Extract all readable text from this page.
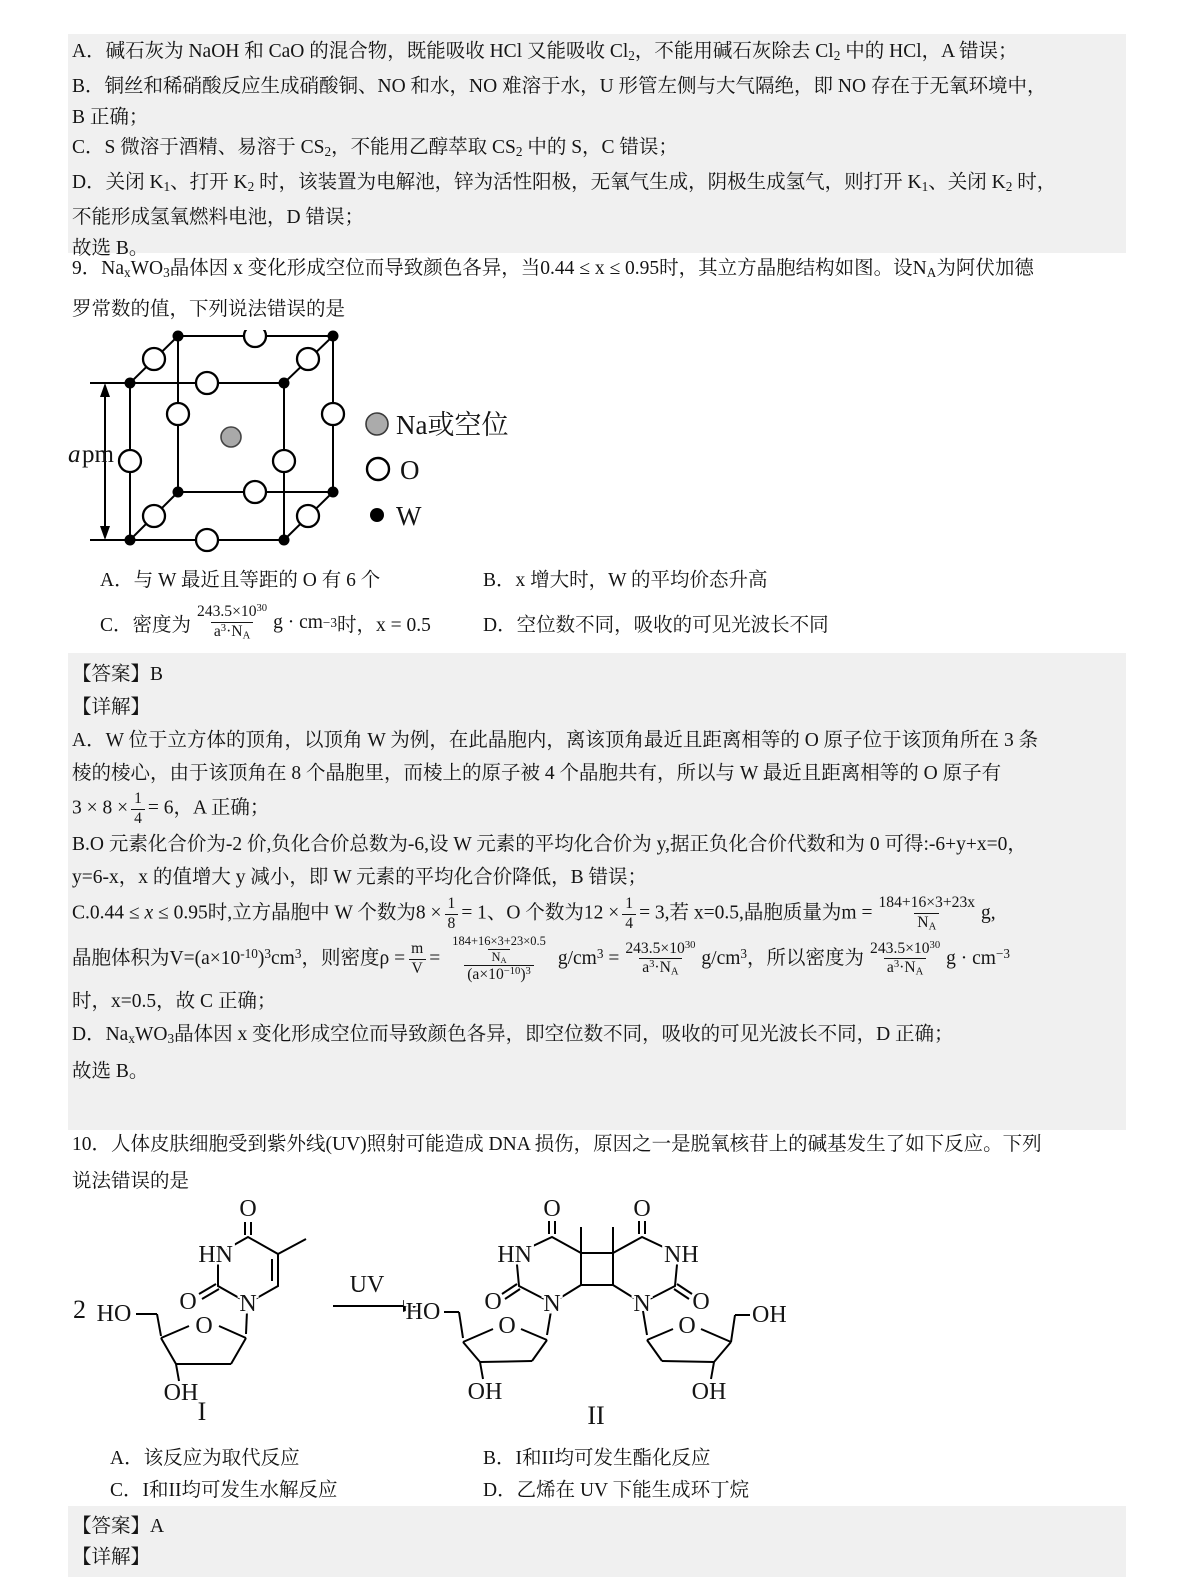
A．碱石灰为 NaOH 和 CaO 的混合物，既能吸收 HCl 又能吸收 $Cl_2$，不能用碱石灰除去 $Cl_2$ 中的 HCl，A 错误；
B．铜丝和稀硝酸反应生成硝酸铜、NO 和水，NO 难溶于水，U 形管左侧与大气隔绝，即 NO 存在于无氧环境中，
B 正确；
C．S 微溶于酒精、易溶于 $CS_2$，不能用乙醇萃取 $CS_2$ 中的 S，C 错误；
D．关闭 $K_1$、打开 $K_2$ 时，该装置为电解池，锌为活性阳极，无氧气生成，阴极生成氢气，则打开 $K_1$、关闭 $K_2$ 时，
不能形成氢氧燃料电池，D 错误；
故选 B。
9．$Na_xWO_3$晶体因 x 变化形成空位而导致颜色各异，当0.44 ≤ x ≤ 0.95时，其立方晶胞结构如图。设$N_A$为阿伏加德
罗常数的值，下列说法错误的是
a pm
Na或空位
O
W
A．与 W 最近且等距的 O 有 6 个	B．x 增大时，W 的平均价态升高
C．密度为 $\frac{243.5\times 10^{30}}{a^3\cdot N_A}$ g · cm −3 时，x = 0.5	D．空位数不同，吸收的可见光波长不同
【答案】B
【详解】
A．W 位于立方体的顶角，以顶角 W 为例，在此晶胞内，离该顶角最近且距离相等的 O 原子位于该顶角所在 3 条
棱的棱心，由于该顶角在 8 个晶胞里，而棱上的原子被 4 个晶胞共有，所以与 W 最近且距离相等的 O 原子有
$3 \times 8 \times \frac{1}{4} = 6$，A 正确；
B.O 元素化合价为-2 价,负化合价总数为-6,设 W 元素的平均化合价为 y,据正负化合价代数和为 0 可得:-6+y+x=0，
y=6-x，x 的值增大 y 减小，即 W 元素的平均化合价降低，B 错误；
C.0.44 ≤ x ≤ 0.95时,立方晶胞中 W 个数为$8 \times \frac{1}{8} = 1$、O 个数为$12 \times \frac{1}{4} = 3$,若 x=0.5,晶胞质量为$m = \frac{184+16\times 3+23x}{N_A} g$,
晶胞体积为$V=(a\times 10^{-10})^3cm^3$，则密度$\rho = \frac{m}{V} = \frac{\frac{184+16\times 3+23\times 0.5}{N_A}}{(a\times 10^{-10})^3} g/cm^3 = \frac{243.5\times 10^{30}}{a^3\cdot N_A} g/cm^3$，所以密度为 $\frac{243.5\times 10^{30}}{a^3\cdot N_A}$ $g \cdot cm^{-3}$
时，x=0.5，故 C 正确；
D．$Na_xWO_3$晶体因 x 变化形成空位而导致颜色各异，即空位数不同，吸收的可见光波长不同，D 正确；
故选 B。
10．人体皮肤细胞受到紫外线(UV)照射可能造成 DNA 损伤，原因之一是脱氧核苷上的碱基发生了如下反应。下列
说法错误的是
2 HO
O
O
HN
N
O
OH
I
UV
O	O
HN	NH
O	O
N	N
HO
O	O
OH	OH
OH
II
A．该反应为取代反应	B．I和II均可发生酯化反应
C．I和II均可发生水解反应	D．乙烯在 UV 下能生成环丁烷
【答案】A
【详解】
